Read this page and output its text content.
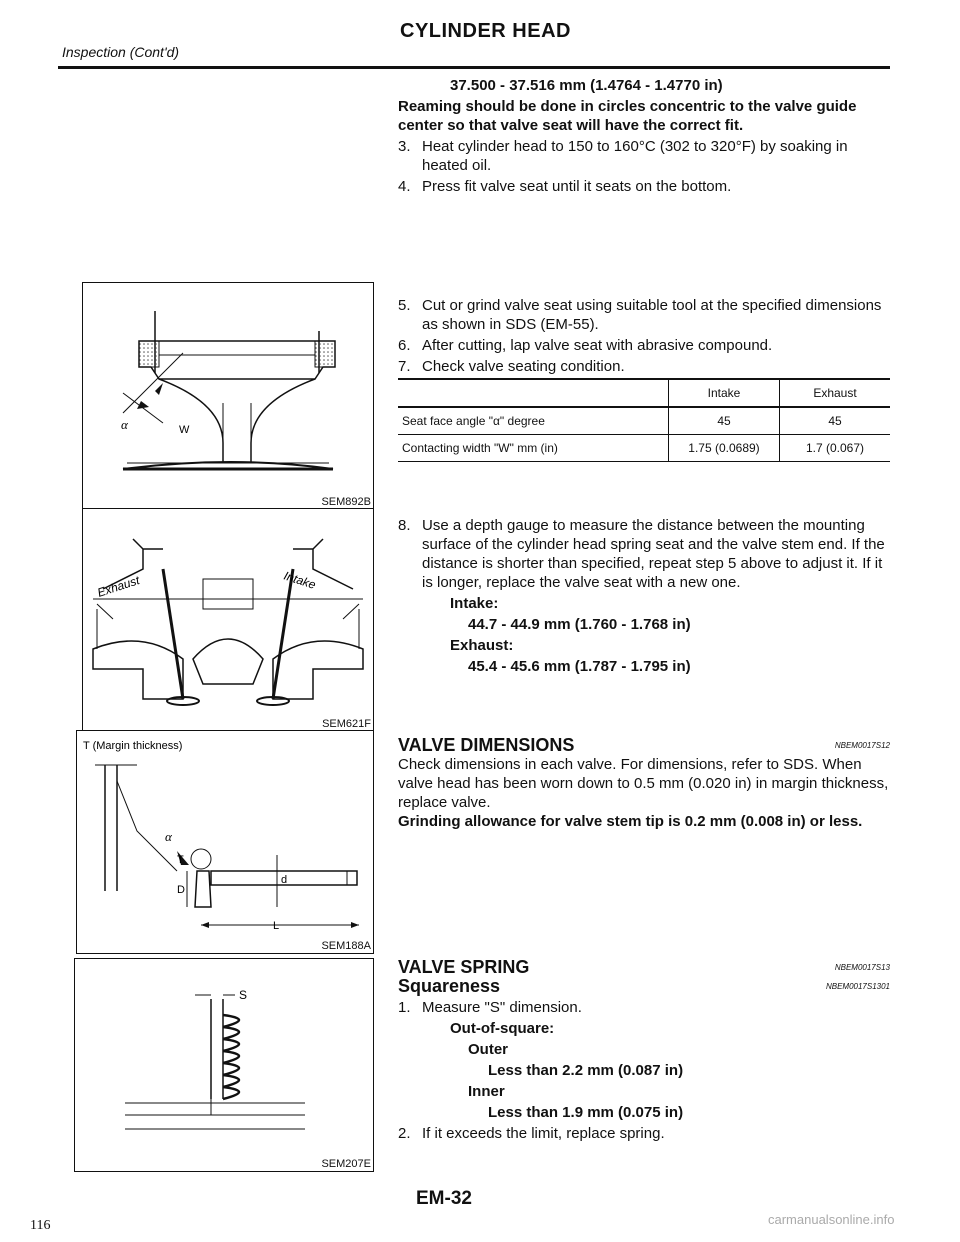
Inspection (Cont'd)
CYLINDER HEAD
37.500 - 37.516 mm (1.4764 - 1.4770 in)
Reaming should be done in circles concentric to the valve guide center so that valve seat will have the correct fit.
3. Heat cylinder head to 150 to 160°C (302 to 320°F) by soaking in heated oil.
4. Press fit valve seat until it seats on the bottom.
5. Cut or grind valve seat using suitable tool at the specified dimensions as shown in SDS (EM-55).
6. After cutting, lap valve seat with abrasive compound.
7. Check valve seating condition.
	Intake	Exhaust
Seat face angle "α" degree	45	45
Contacting width "W" mm (in)	1.75 (0.0689)	1.7 (0.067)
8. Use a depth gauge to measure the distance between the mounting surface of the cylinder head spring seat and the valve stem end. If the distance is shorter than specified, repeat step 5 above to adjust it. If it is longer, replace the valve seat with a new one.
Intake:
44.7 - 44.9 mm (1.760 - 1.768 in)
Exhaust:
45.4 - 45.6 mm (1.787 - 1.795 in)
VALVE DIMENSIONS	NBEM0017S12
Check dimensions in each valve. For dimensions, refer to SDS. When valve head has been worn down to 0.5 mm (0.020 in) in margin thickness, replace valve.
Grinding allowance for valve stem tip is 0.2 mm (0.008 in) or less.
VALVE SPRING	NBEM0017S13
Squareness	NBEM0017S1301
1. Measure "S" dimension.
Out-of-square:
Outer
Less than 2.2 mm (0.087 in)
Inner
Less than 1.9 mm (0.075 in)
2. If it exceeds the limit, replace spring.
α	W
SEM892B
Exhaust	Intake
SEM621F
T (Margin thickness)
α
D
T
d
L
SEM188A
S
SEM207E
EM-32
116	carmanualsonline.info
